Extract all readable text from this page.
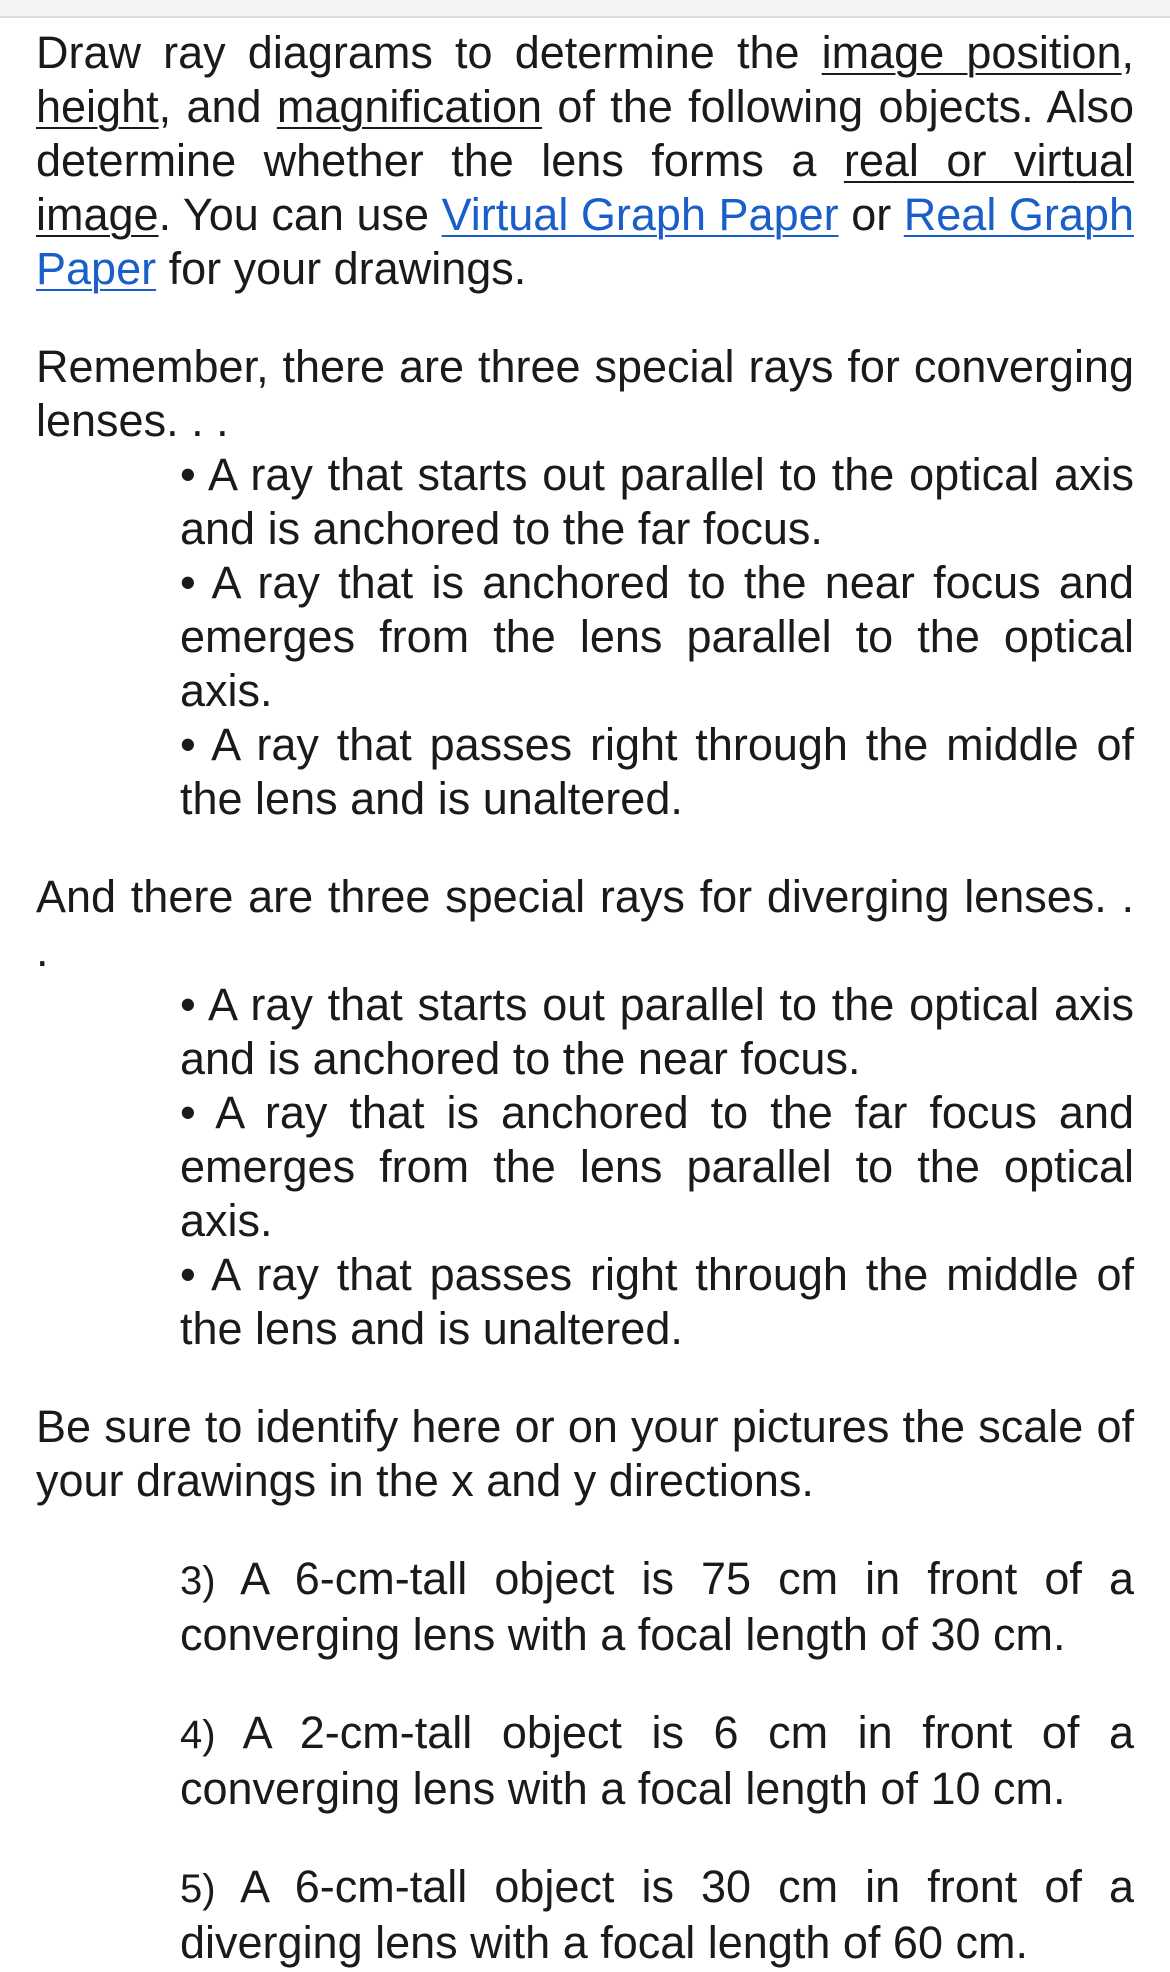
Draw ray diagrams to determine the image position, height, and magnification of the following objects. Also determine whether the lens forms a real or virtual image. You can use Virtual Graph Paper or Real Graph Paper for your drawings.

Remember, there are three special rays for converging lenses. . .

• A ray that starts out parallel to the optical axis and is anchored to the far focus.
• A ray that is anchored to the near focus and emerges from the lens parallel to the optical axis.
• A ray that passes right through the middle of the lens and is unaltered.

And there are three special rays for diverging lenses. . .

• A ray that starts out parallel to the optical axis and is anchored to the near focus.
• A ray that is anchored to the far focus and emerges from the lens parallel to the optical axis.
• A ray that passes right through the middle of the lens and is unaltered.

Be sure to identify here or on your pictures the scale of your drawings in the x and y directions.

3) A 6-cm-tall object is 75 cm in front of a converging lens with a focal length of 30 cm.
4) A 2-cm-tall object is 6 cm in front of a converging lens with a focal length of 10 cm.
5) A 6-cm-tall object is 30 cm in front of a diverging lens with a focal length of 60 cm.
